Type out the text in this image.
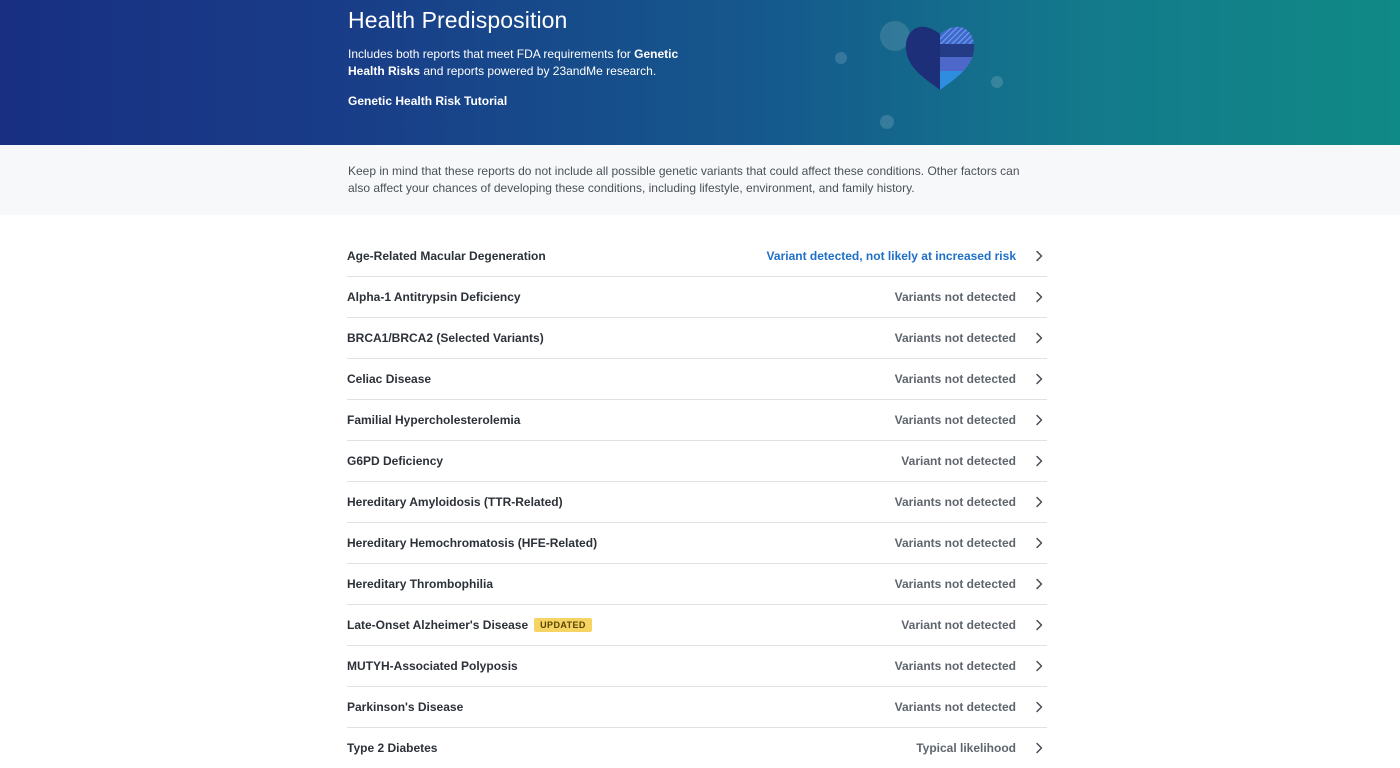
Health Predisposition

Includes both reports that meet FDA requirements for Genetic Health Risks and reports powered by 23andMe research.

Genetic Health Risk Tutorial

Keep in mind that these reports do not include all possible genetic variants that could affect these conditions. Other factors can also affect your chances of developing these conditions, including lifestyle, environment, and family history.

Age-Related Macular Degeneration	Variant detected, not likely at increased risk
Alpha-1 Antitrypsin Deficiency	Variants not detected
BRCA1/BRCA2 (Selected Variants)	Variants not detected
Celiac Disease	Variants not detected
Familial Hypercholesterolemia	Variants not detected
G6PD Deficiency	Variant not detected
Hereditary Amyloidosis (TTR-Related)	Variants not detected
Hereditary Hemochromatosis (HFE-Related)	Variants not detected
Hereditary Thrombophilia	Variants not detected
Late-Onset Alzheimer's Disease	UPDATED	Variant not detected
MUTYH-Associated Polyposis	Variants not detected
Parkinson's Disease	Variants not detected
Type 2 Diabetes	Typical likelihood
